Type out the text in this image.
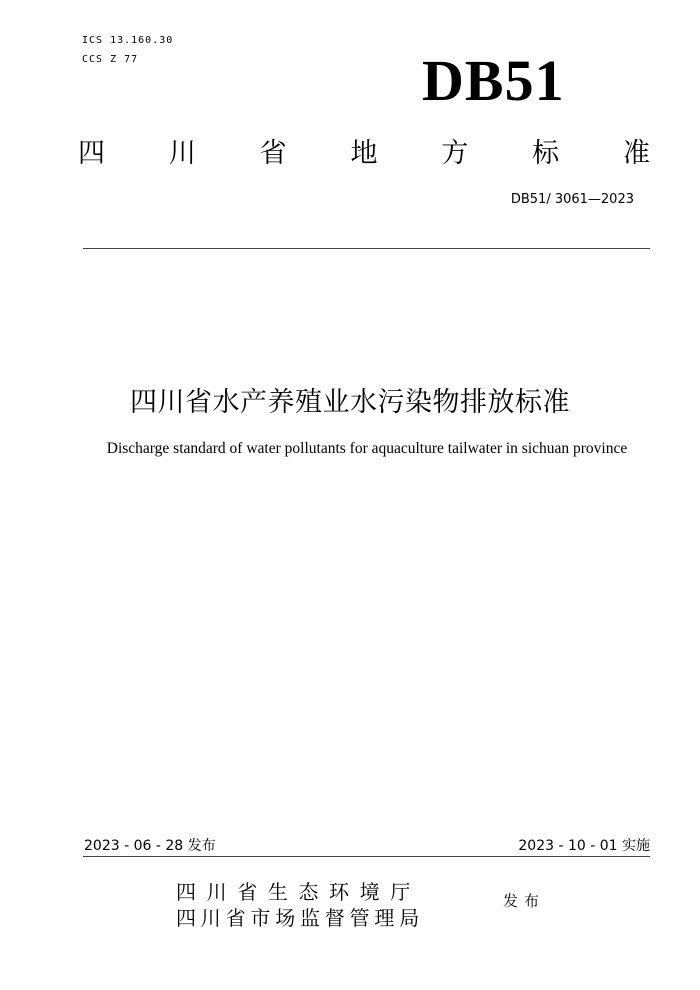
ICS 13.160.30
CCS Z 77	DB51
四 川 省 地 方 标 准
DB51/ 3061—2023
四川省水产养殖业水污染物排放标准
Discharge standard of water pollutants for aquaculture tailwater in sichuan province
2023 - 06 - 28 发布	2023 - 10 - 01 实施
四川省生态环境厅
四川省市场监督管理局
发布
